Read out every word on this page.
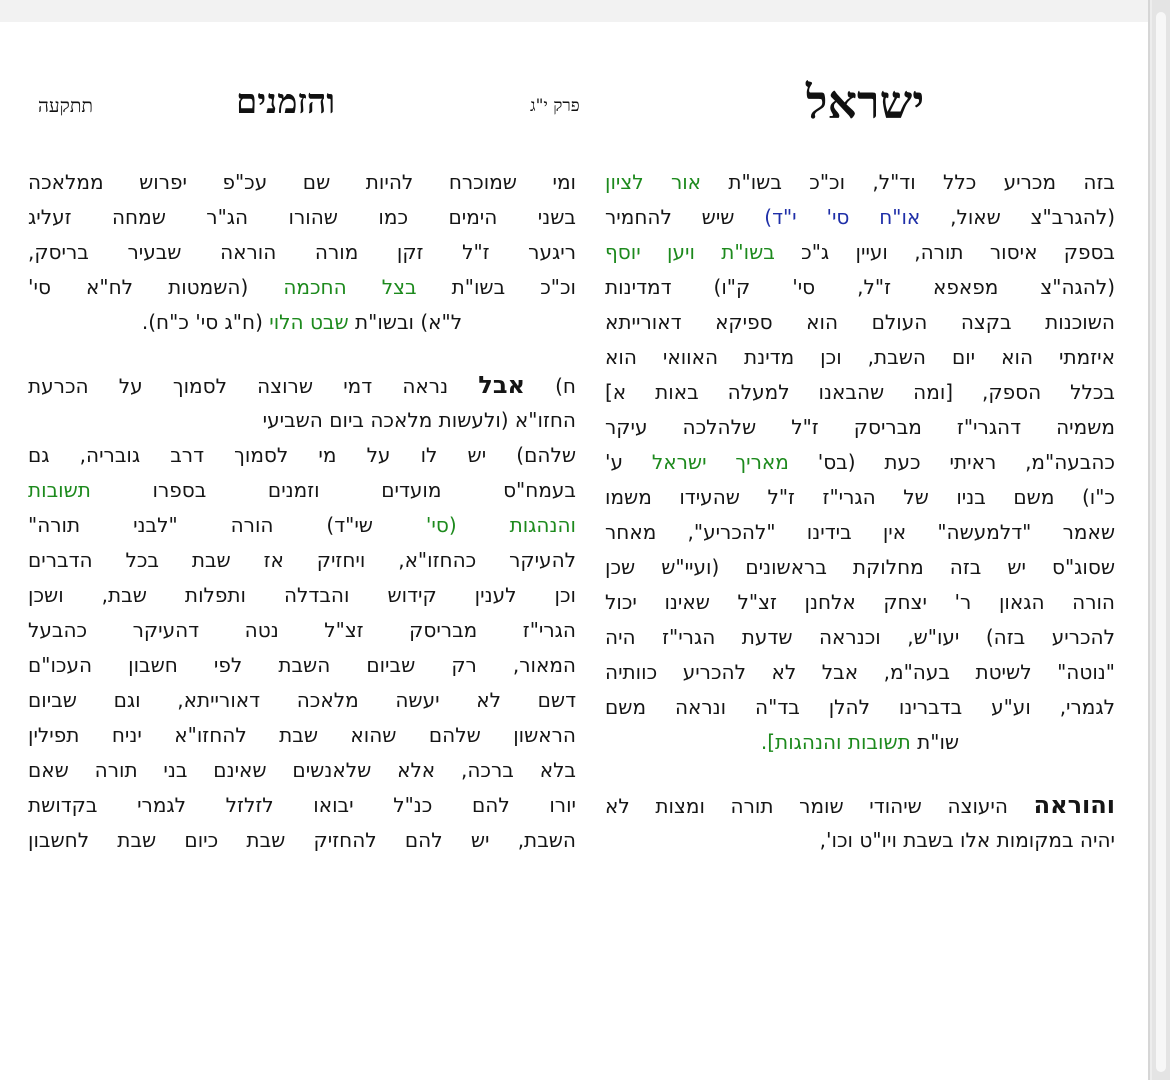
תתקעה	והזמנים	פרק י"ג	ישראל
בזה מכריע כלל וד"ל, וכ"כ בשו"ת אור לציון
(להגרב"צ שאול, או"ח סי' י"ד) שיש להחמיר
בספק איסור תורה, ועיין ג"כ בשו"ת ויען יוסף
(להגה"צ מפאפא ז"ל, סי' ק"ו) דמדינות
השוכנות בקצה העולם הוא ספיקא דאורייתא
איזמתי הוא יום השבת, וכן מדינת האוואי הוא
בכלל הספק, [ומה שהבאנו למעלה באות א]
משמיה דהגרי"ז מבריסק ז"ל שלהלכה עיקר
כהבעה"מ, ראיתי כעת (בס' מאריך ישראל ע'
כ"ו) משם בניו של הגרי"ז ז"ל שהעידו משמו
שאמר "דלמעשה" אין בידינו "להכריע", מאחר
שסוג"ס יש בזה מחלוקת בראשונים (ועיי"ש שכן
הורה הגאון ר' יצחק אלחנן זצ"ל שאינו יכול
להכריע בזה) יעו"ש, וכנראה שדעת הגרי"ז היה
"נוטה" לשיטת בעה"מ, אבל לא להכריע כוותיה
לגמרי, וע"ע בדברינו להלן בד"ה ונראה משם
שו"ת תשובות והנהגות].
והוראה היעוצה שיהודי שומר תורה ומצות לא
יהיה במקומות אלו בשבת ויו"ט וכו',
ומי שמוכרח להיות שם עכ"פ יפרוש ממלאכה
בשני הימים כמו שהורו הג"ר שמחה זעליג
ריגער ז"ל זקן מורה הוראה שבעיר בריסק,
וכ"כ בשו"ת בצל החכמה (השמטות לח"א סי'
ל"א) ובשו"ת שבט הלוי (ח"ג סי' כ"ח).
ח) אבל נראה דמי שרוצה לסמוך על הכרעת
החזו"א (ולעשות מלאכה ביום השביעי
שלהם) יש לו על מי לסמוך דרב גובריה, גם
בעמח"ס מועדים וזמנים בספרו תשובות
והנהגות (סי' שי"ד) הורה "לבני תורה"
להעיקר כהחזו"א, ויחזיק אז שבת בכל הדברים
וכן לענין קידוש והבדלה ותפלות שבת, ושכן
הגרי"ז מבריסק זצ"ל נטה דהעיקר כהבעל
המאור, רק שביום השבת לפי חשבון העכו"ם
דשם לא יעשה מלאכה דאורייתא, וגם שביום
הראשון שלהם שהוא שבת להחזו"א יניח תפילין
בלא ברכה, אלא שלאנשים שאינם בני תורה שאם
יורו להם כנ"ל יבואו לזלזל לגמרי בקדושת
השבת, יש להם להחזיק שבת כיום שבת לחשבון
